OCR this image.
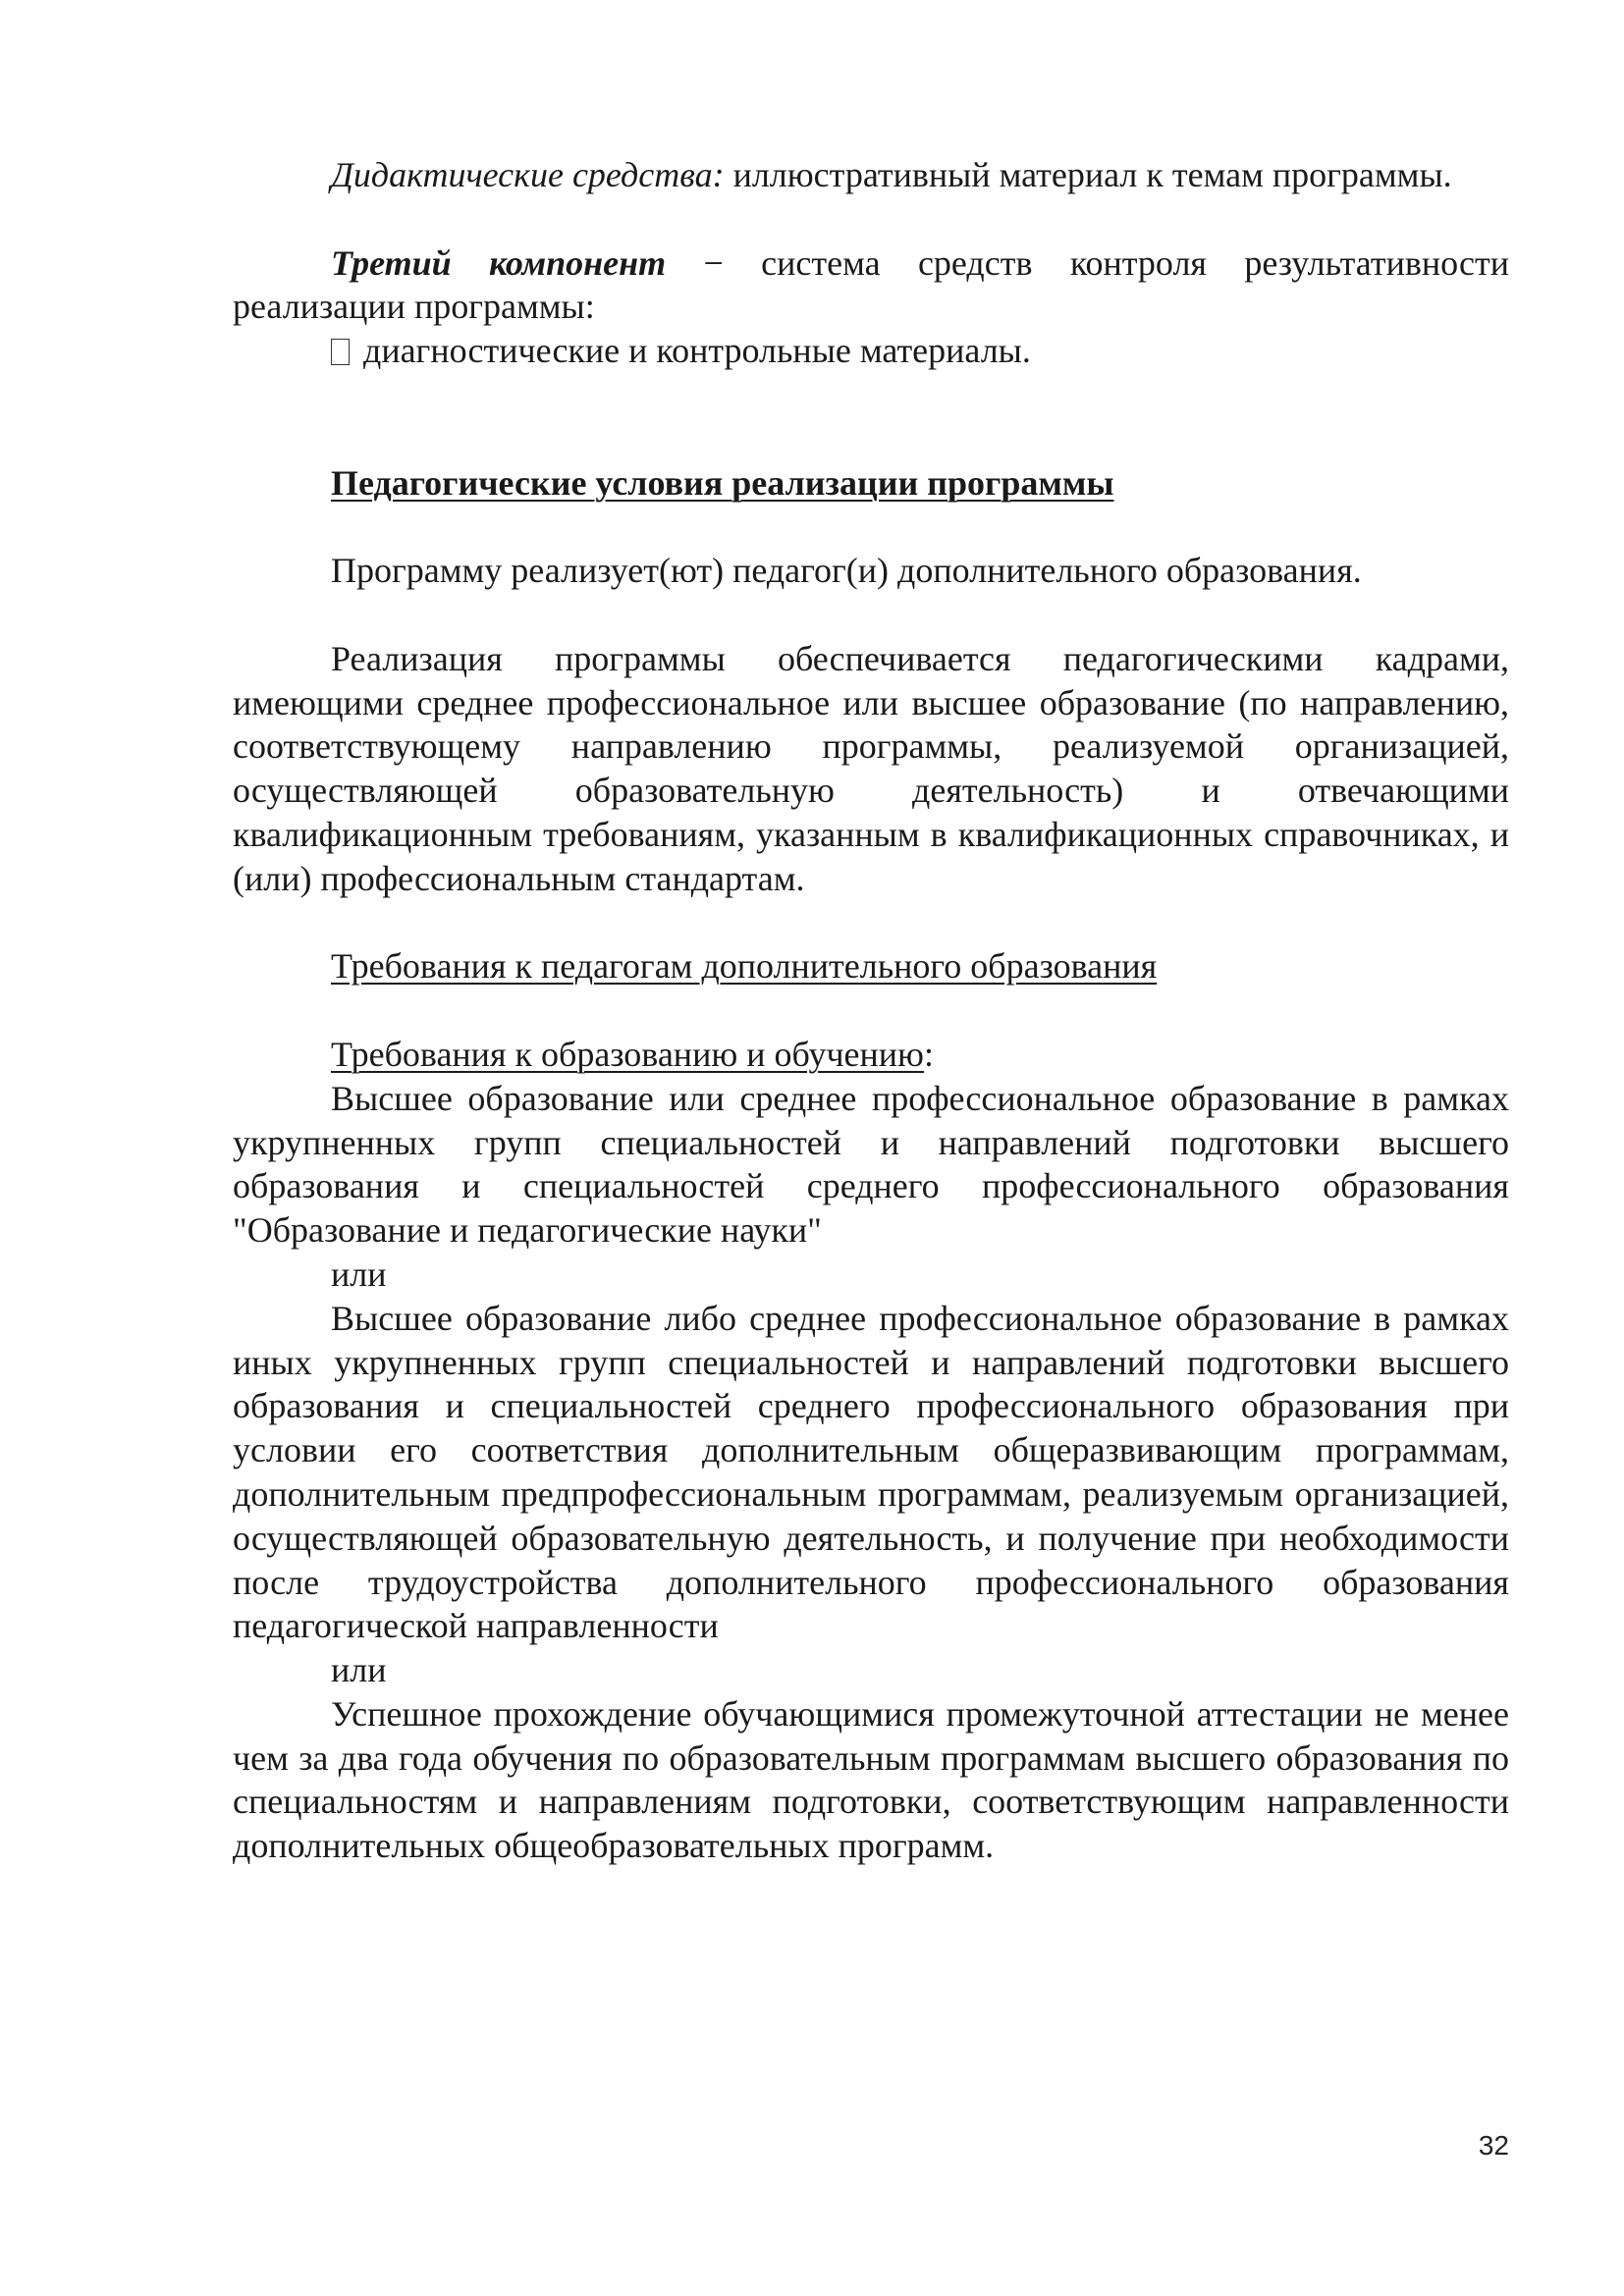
Дидактические средства: иллюстративный материал к темам программы.

Третий компонент − система средств контроля результативности реализации программы:

диагностические и контрольные материалы.

Педагогические условия реализации программы

Программу реализует(ют) педагог(и) дополнительного образования.

Реализация программы обеспечивается педагогическими кадрами, имеющими среднее профессиональное или высшее образование (по направлению, соответствующему направлению программы, реализуемой организацией, осуществляющей образовательную деятельность) и отвечающими квалификационным требованиям, указанным в квалификационных справочниках, и (или) профессиональным стандартам.

Требования к педагогам дополнительного образования

Требования к образованию и обучению:

Высшее образование или среднее профессиональное образование в рамках укрупненных групп специальностей и направлений подготовки высшего образования и специальностей среднего профессионального образования "Образование и педагогические науки"

или

Высшее образование либо среднее профессиональное образование в рамках иных укрупненных групп специальностей и направлений подготовки высшего образования и специальностей среднего профессионального образования при условии его соответствия дополнительным общеразвивающим программам, дополнительным предпрофессиональным программам, реализуемым организацией, осуществляющей образовательную деятельность, и получение при необходимости после трудоустройства дополнительного профессионального образования педагогической направленности

или

Успешное прохождение обучающимися промежуточной аттестации не менее чем за два года обучения по образовательным программам высшего образования по специальностям и направлениям подготовки, соответствующим направленности дополнительных общеобразовательных программ.

32
